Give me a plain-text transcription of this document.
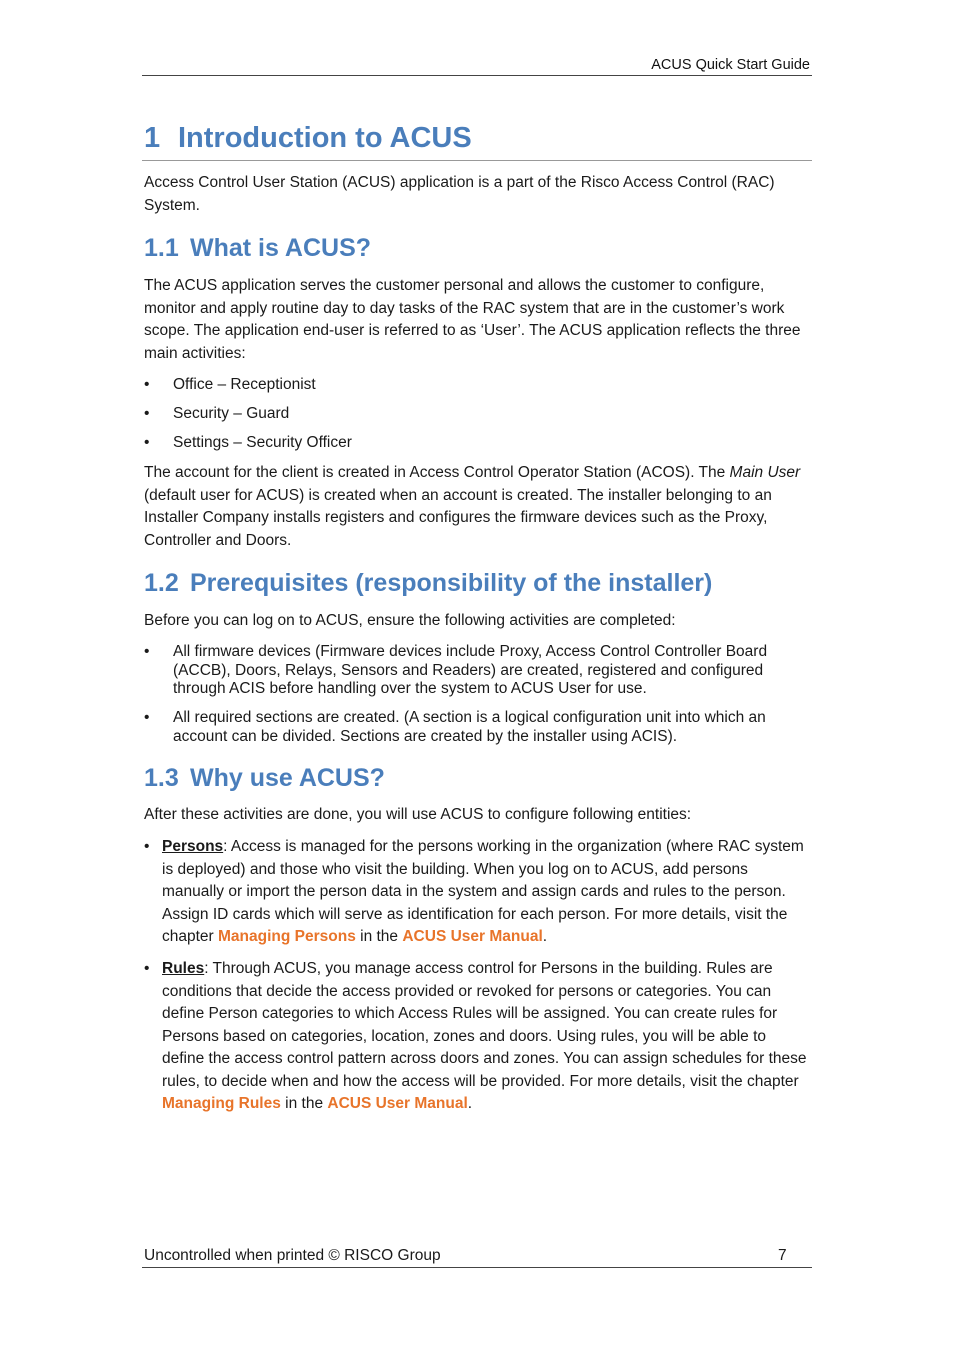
ACUS Quick Start Guide
1 Introduction to ACUS

Access Control User Station (ACUS) application is a part of the Risco Access Control (RAC) System.

1.1 What is ACUS?

The ACUS application serves the customer personal and allows the customer to configure, monitor and apply routine day to day tasks of the RAC system that are in the customer’s work scope. The application end-user is referred to as ‘User’. The ACUS application reflects the three main activities:

• Office – Receptionist
• Security – Guard
• Settings – Security Officer

The account for the client is created in Access Control Operator Station (ACOS). The Main User (default user for ACUS) is created when an account is created. The installer belonging to an Installer Company installs registers and configures the firmware devices such as the Proxy, Controller and Doors.

1.2 Prerequisites (responsibility of the installer)

Before you can log on to ACUS, ensure the following activities are completed:

• All firmware devices (Firmware devices include Proxy, Access Control Controller Board (ACCB), Doors, Relays, Sensors and Readers) are created, registered and configured through ACIS before handling over the system to ACUS User for use.
• All required sections are created. (A section is a logical configuration unit into which an account can be divided. Sections are created by the installer using ACIS).
1.3 Why use ACUS?

After these activities are done, you will use ACUS to configure following entities:

• Persons: Access is managed for the persons working in the organization (where RAC system is deployed) and those who visit the building. When you log on to ACUS, add persons manually or import the person data in the system and assign cards and rules to the person. Assign ID cards which will serve as identification for each person. For more details, visit the chapter Managing Persons in the ACUS User Manual.
• Rules: Through ACUS, you manage access control for Persons in the building. Rules are conditions that decide the access provided or revoked for persons or categories. You can define Person categories to which Access Rules will be assigned. You can create rules for Persons based on categories, location, zones and doors. Using rules, you will be able to define the access control pattern across doors and zones. You can assign schedules for these rules, to decide when and how the access will be provided. For more details, visit the chapter Managing Rules in the ACUS User Manual.
Uncontrolled when printed © RISCO Group	7
